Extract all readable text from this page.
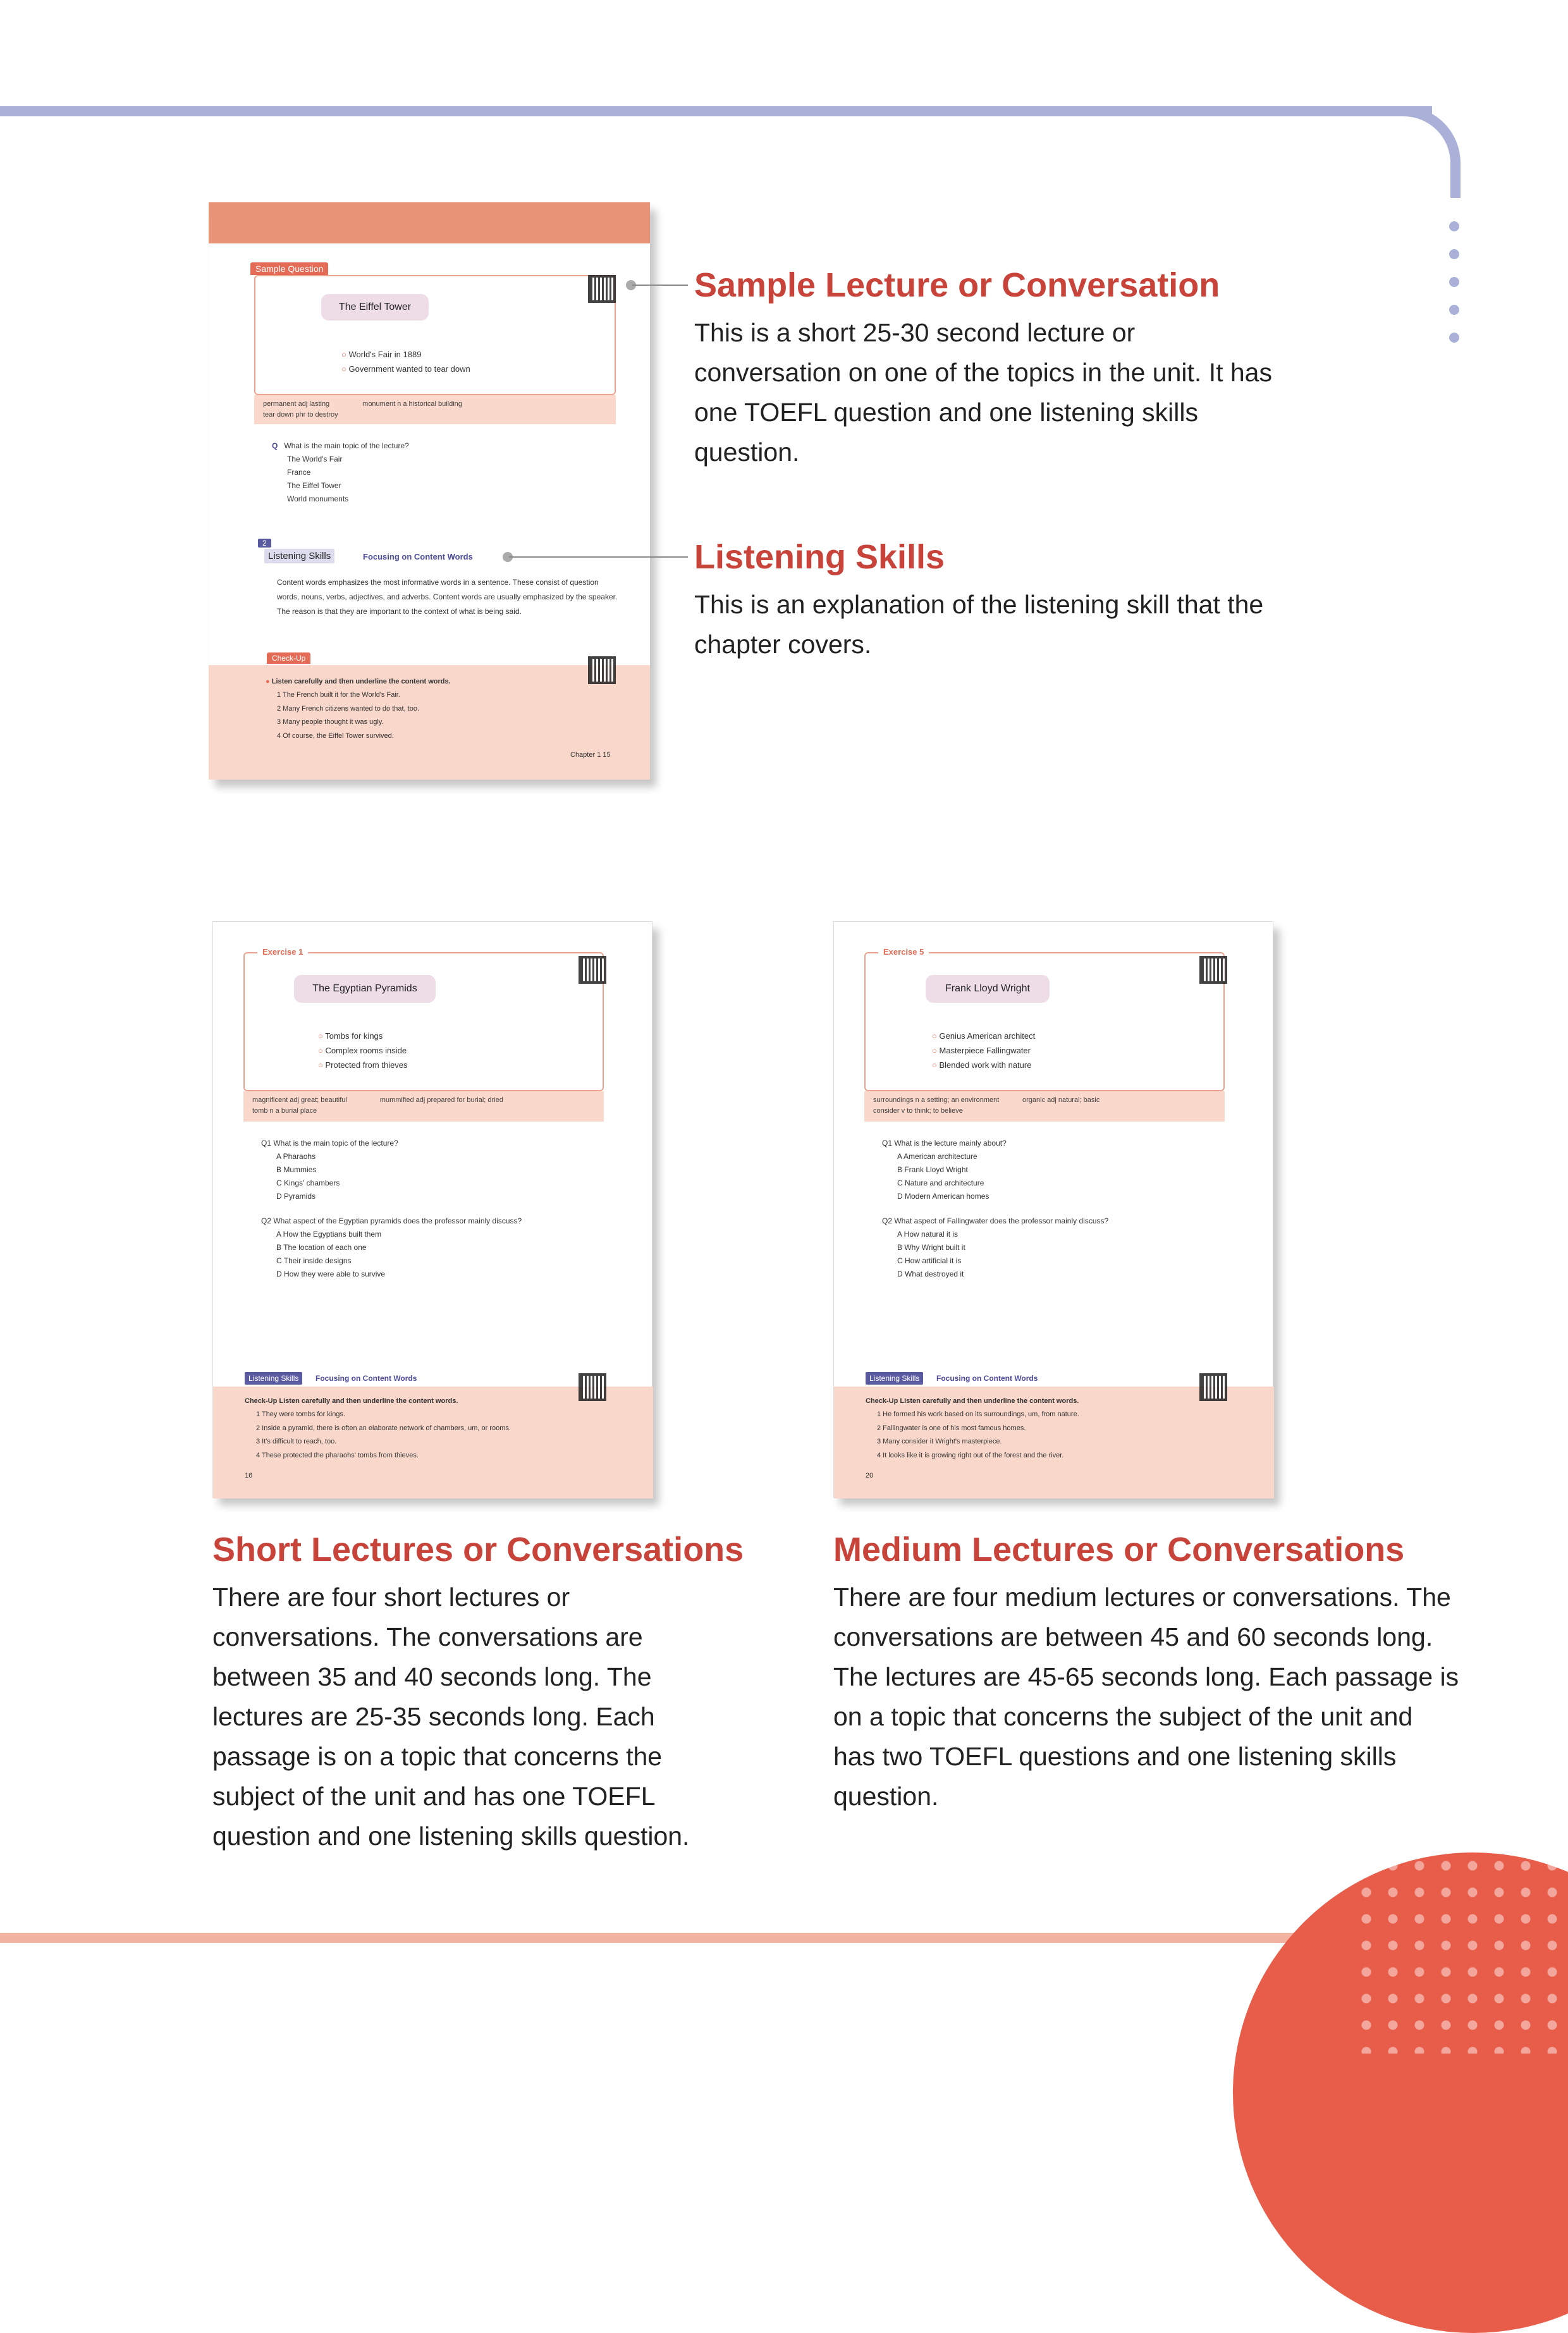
Sample Question
The Eiffel Tower
○ World's Fair in 1889
○ Government wanted to tear down
permanent adj lasting	monument n a historical building
tear down phr to destroy
Q What is the main topic of the lecture?
The World's Fair
France
The Eiffel Tower
World monuments
2
Listening Skills	Focusing on Content Words
Content words emphasizes the most informative words in a sentence. These consist of question words, nouns, verbs, adjectives, and adverbs. Content words are usually emphasized by the speaker. The reason is that they are important to the context of what is being said.
Check-Up
● Listen carefully and then underline the content words.
1 The French built it for the World's Fair.
2 Many French citizens wanted to do that, too.
3 Many people thought it was ugly.
4 Of course, the Eiffel Tower survived.
Chapter 1 15
Sample Lecture or Conversation
This is a short 25-30 second lecture or conversation on one of the topics in the unit. It has one TOEFL question and one listening skills question.
Listening Skills
This is an explanation of the listening skill that the chapter covers.
Exercise 1
The Egyptian Pyramids
○ Tombs for kings
○ Complex rooms inside
○ Protected from thieves
magnificent adj great; beautiful	mummified adj prepared for burial; dried
tomb n a burial place
Q1 What is the main topic of the lecture?
A Pharaohs
B Mummies
C Kings' chambers
D Pyramids
Q2 What aspect of the Egyptian pyramids does the professor mainly discuss?
A How the Egyptians built them
B The location of each one
C Their inside designs
D How they were able to survive
Listening Skills	Focusing on Content Words
Check-Up Listen carefully and then underline the content words.
1 They were tombs for kings.
2 Inside a pyramid, there is often an elaborate network of chambers, um, or rooms.
3 It's difficult to reach, too.
4 These protected the pharaohs' tombs from thieves.
16
Exercise 5
Frank Lloyd Wright
○ Genius American architect
○ Masterpiece Fallingwater
○ Blended work with nature
surroundings n a setting; an environment	organic adj natural; basic
consider v to think; to believe
Q1 What is the lecture mainly about?
A American architecture
B Frank Lloyd Wright
C Nature and architecture
D Modern American homes
Q2 What aspect of Fallingwater does the professor mainly discuss?
A How natural it is
B Why Wright built it
C How artificial it is
D What destroyed it
Listening Skills	Focusing on Content Words
Check-Up Listen carefully and then underline the content words.
1 He formed his work based on its surroundings, um, from nature.
2 Fallingwater is one of his most famous homes.
3 Many consider it Wright's masterpiece.
4 It looks like it is growing right out of the forest and the river.
20
Short Lectures or Conversations
There are four short lectures or conversations. The conversations are between 35 and 40 seconds long. The lectures are 25-35 seconds long. Each passage is on a topic that concerns the subject of the unit and has one TOEFL question and one listening skills question.
Medium Lectures or Conversations
There are four medium lectures or conversations. The conversations are between 45 and 60 seconds long. The lectures are 45-65 seconds long. Each passage is on a topic that concerns the subject of the unit and has two TOEFL questions and one listening skills question.
